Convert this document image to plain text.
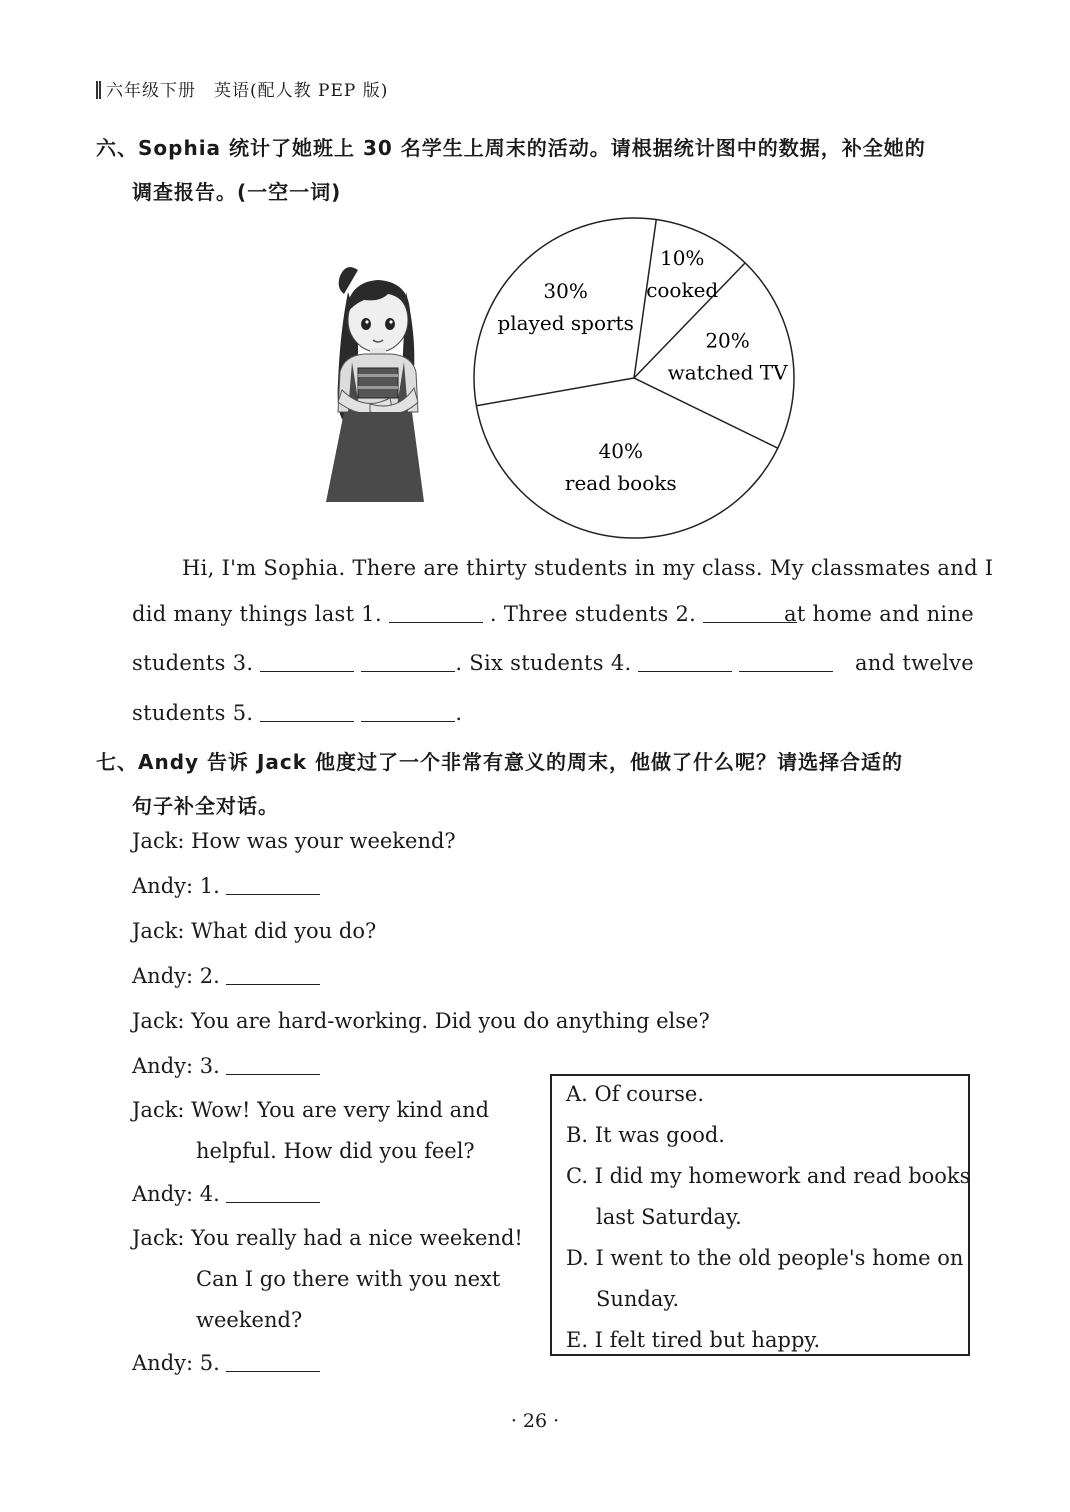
六年级下册　英语(配人教 PEP 版)
六、Sophia 统计了她班上 30 名学生上周末的活动。请根据统计图中的数据，补全她的
调查报告。(一空一词)
10%
cooked
20%
watched TV
40%
read books
30%
played sports
Hi, I'm Sophia. There are thirty students in my class. My classmates and I
did many things last 1.	. Three students 2.	at home and nine
students 3.	. Six students 4.	and twelve
students 5.	.
七、Andy 告诉 Jack 他度过了一个非常有意义的周末，他做了什么呢？请选择合适的
句子补全对话。
Jack: How was your weekend?
Andy: 1.
Jack: What did you do?
Andy: 2.
Jack: You are hard-working. Did you do anything else?
Andy: 3.
Jack: Wow! You are very kind and
helpful. How did you feel?
Andy: 4.
Jack: You really had a nice weekend!
Can I go there with you next
weekend?
Andy: 5.
A. Of course.
B. It was good.
C. I did my homework and read books
last Saturday.
D. I went to the old people's home on
Sunday.
E. I felt tired but happy.
· 26 ·
